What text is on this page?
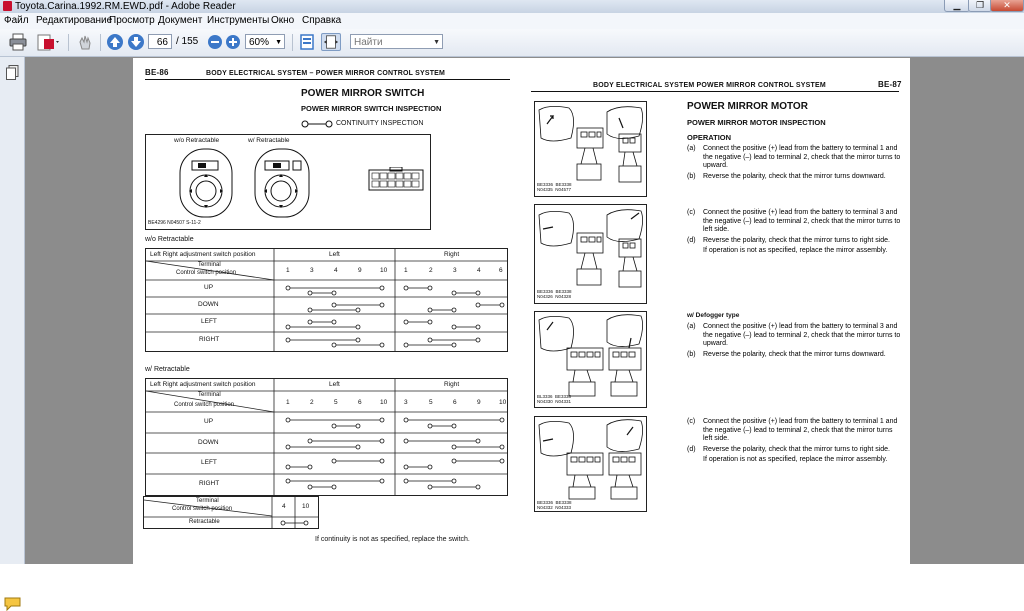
Toyota.Carina.1992.RM.EWD.pdf - Adobe Reader	▁	❐	✕
Файл Редактирование
Просмотр Документ Инструменты Окно Справка
66 / 155	60% ▼	Найти	▼
BE-86	BODY ELECTRICAL SYSTEM – POWER MIRROR CONTROL SYSTEM
POWER MIRROR SWITCH
POWER MIRROR SWITCH INSPECTION
CONTINUITY INSPECTION
w/o Retractable	w/ Retractable
BE4296 N04507 S-11-2
w/o Retractable
Left Right adjustment switch position	Left	Right
Terminal
Control switch position	1	3	4	9	10	1	2	3	4	6
UP
DOWN
LEFT
RIGHT
w/ Retractable
Left Right adjustment switch position	Left	Right
Terminal
Control switch position	1	2	5	6	10	3	5	6	9	10
UP
DOWN
LEFT
RIGHT
Terminal
Control switch position	4	10
Retractable
If continuity is not as specified, replace the switch.
BODY ELECTRICAL SYSTEM POWER MIRROR CONTROL SYSTEM	BE-87
POWER MIRROR MOTOR
POWER MIRROR MOTOR INSPECTION
OPERATION
(a)	Connect the positive (+) lead from the battery to terminal 1 and the negative (–) lead to terminal 2, check that the mirror turns to upward.
(b)	Reverse the polarity, check that the mirror turns downward.
(c)	Connect the positive (+) lead from the battery to terminal 3 and the negative (–) lead to terminal 2, check that the mirror turns to left side.
(d)	Reverse the polarity, check that the mirror turns to right side.
If operation is not as specified, replace the mirror assembly.
w/ Defogger type
(a)	Connect the positive (+) lead from the battery to terminal 3 and the negative (–) lead to terminal 2, check that the mirror turns to upward.
(b)	Reverse the polarity, check that the mirror turns downward.
(c)	Connect the positive (+) lead from the battery to terminal 1 and the negative (–) lead to terminal 2, check that the mirror turns left side.
(d)	Reverse the polarity, check that the mirror turns to right side.
If operation is not as specified, replace the mirror assembly.
BE3336  BE3338
N04335  N04577
BE3336  BE3338
N04326  N04328
BL3336  BE3338
N04330  N04331
BE3336  BE3338
N04332  N04333
